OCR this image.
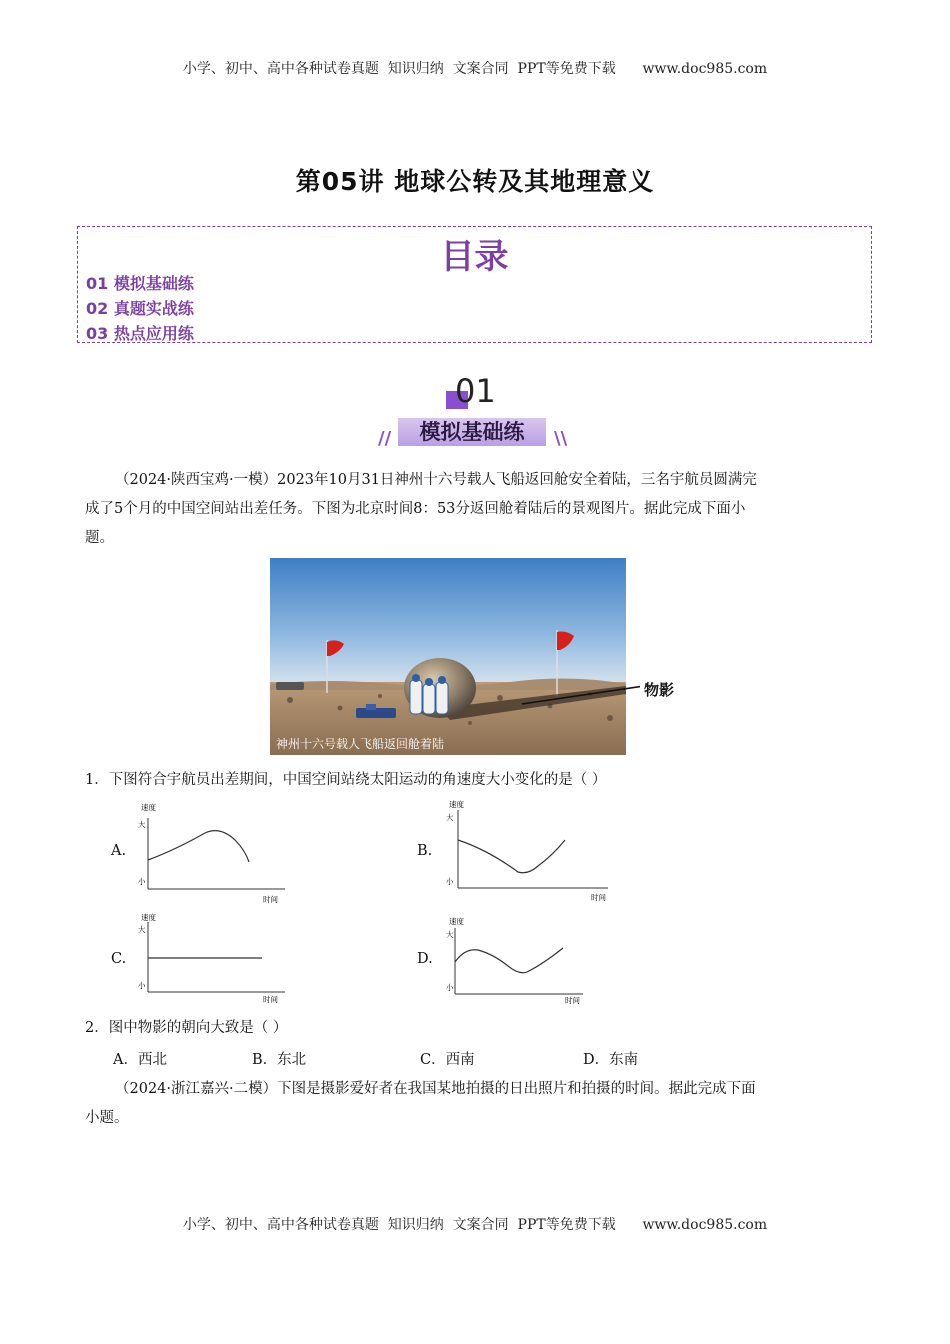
小学、初中、高中各种试卷真题  知识归纳  文案合同  PPT等免费下载      www.doc985.com
第05讲 地球公转及其地理意义
目录
01 模拟基础练
02 真题实战练
03 热点应用练
01
//	模拟基础练	\\
（2024·陕西宝鸡·一模）2023年10月31日神州十六号载人飞船返回舱安全着陆，三名宇航员圆满完
成了5个月的中国空间站出差任务。下图为北京时间8：53分返回舱着陆后的景观图片。据此完成下面小
题。
神州十六号载人飞船返回舱着陆
物影
1．下图符合宇航员出差期间，中国空间站绕太阳运动的角速度大小变化的是（ ）
A.
速度
大
小
时间
B.
速度
大
小
时间
C.
速度
大
小
时间
D.
速度
大
小
时间
2．图中物影的朝向大致是（ ）
A．西北	B．东北	C．西南	D．东南
（2024·浙江嘉兴·二模）下图是摄影爱好者在我国某地拍摄的日出照片和拍摄的时间。据此完成下面
小题。
小学、初中、高中各种试卷真题  知识归纳  文案合同  PPT等免费下载      www.doc985.com
